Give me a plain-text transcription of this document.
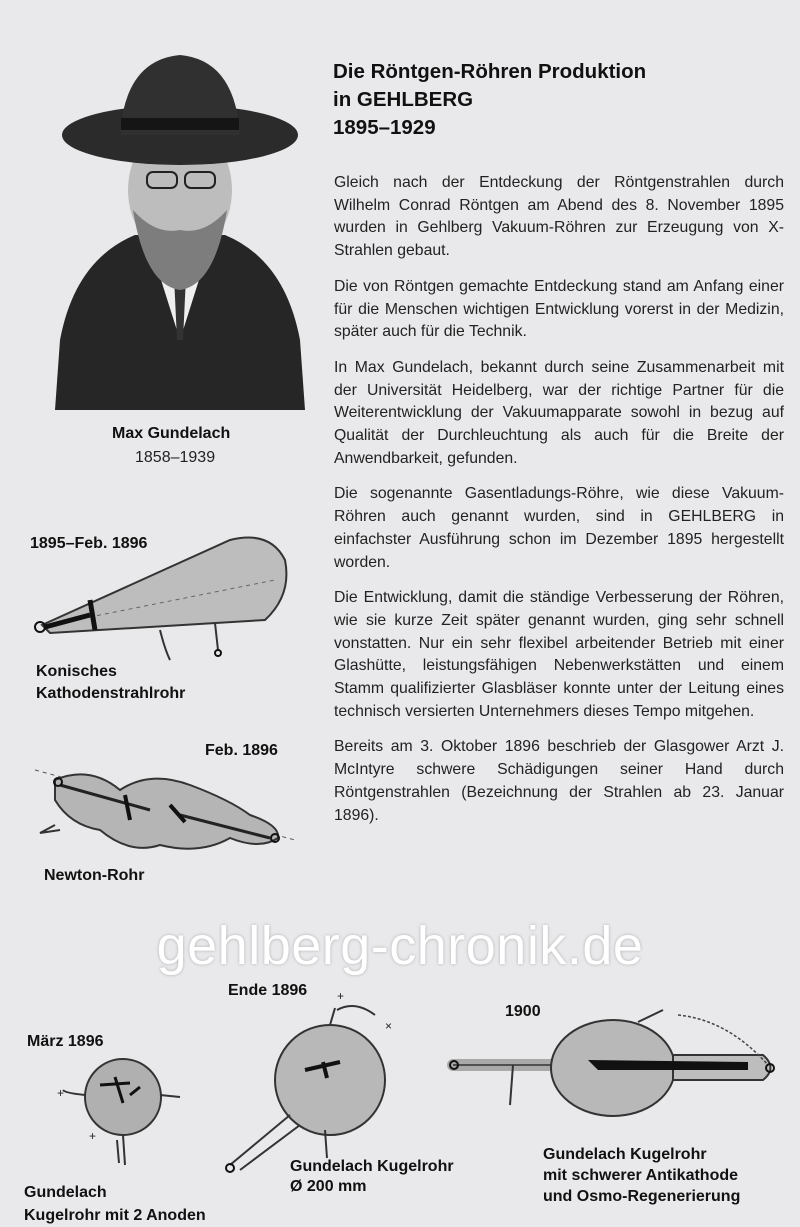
Max Gundelach
1858–1939
Die Röntgen-Röhren Produktion
in GEHLBERG
1895–1929

Gleich nach der Entdeckung der Röntgenstrahlen durch Wilhelm Conrad Röntgen am Abend des 8. November 1895 wurden in Gehlberg Vakuum-Röhren zur Erzeugung von X-Strahlen gebaut.

Die von Röntgen gemachte Entdeckung stand am Anfang einer für die Menschen wichtigen Entwicklung vorerst in der Medizin, später auch für die Technik.

In Max Gundelach, bekannt durch seine Zusammenarbeit mit der Universität Heidelberg, war der richtige Partner für die Weiterentwicklung der Vakuumapparate sowohl in bezug auf Qualität der Durchleuchtung als auch für die Breite der Anwendbarkeit, gefunden.

Die sogenannte Gasentladungs-Röhre, wie diese Vakuum-Röhren auch genannt wurden, sind in GEHLBERG in einfachster Ausführung schon im Dezember 1895 hergestellt worden.

Die Entwicklung, damit die ständige Verbesserung der Röhren, wie sie kurze Zeit später genannt wurden, ging sehr schnell vonstatten. Nur ein sehr flexibel arbeitender Betrieb mit einer Glashütte, leistungsfähigen Nebenwerkstätten und einem Stamm qualifizierter Glasbläser konnte unter der Leitung eines technisch versierten Unternehmers dieses Tempo mitgehen.

Bereits am 3. Oktober 1896 beschrieb der Glasgower Arzt J. McIntyre schwere Schädigungen seiner Hand durch Röntgenstrahlen (Bezeichnung der Strahlen ab 23. Januar 1896).

1895–Feb. 1896
Konisches
Kathodenstrahlrohr
Feb. 1896
Newton-Rohr
gehlberg-chronik.de
März 1896
+
+
Gundelach
Kugelrohr mit 2 Anoden
Ende 1896 +
×
Gundelach Kugelrohr
Ø 200 mm
1900
Gundelach Kugelrohr
mit schwerer Antikathode
und Osmo-Regenerierung
